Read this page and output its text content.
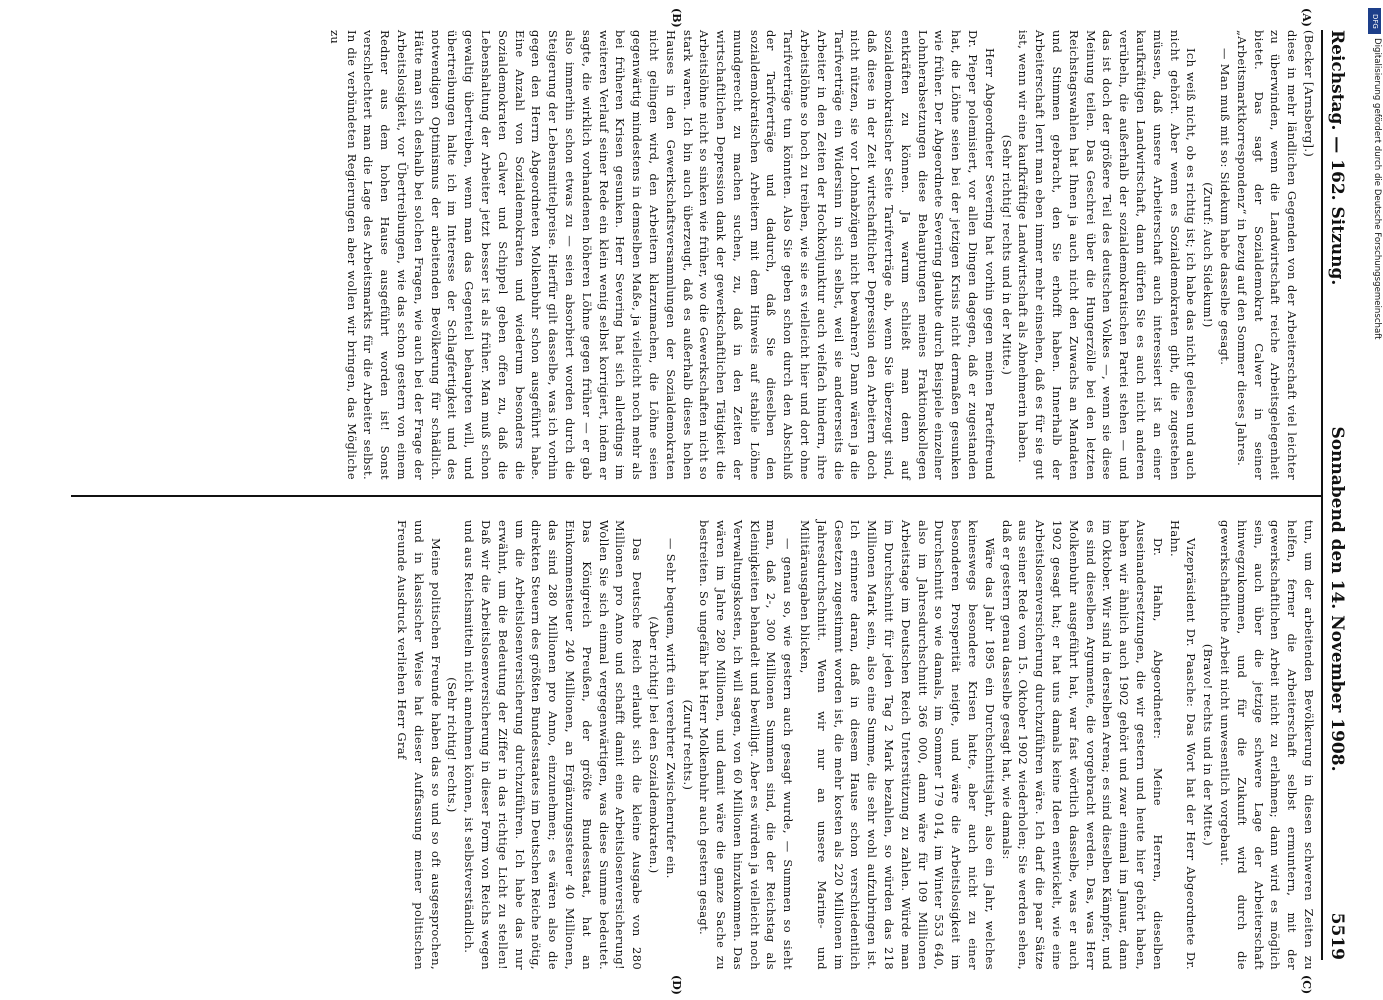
Reichstag. — 162. Sitzung.
Sonnabend den 14. November 1908.
5519
(A)
(B)
(C)
(D)

(Becker [Arnsberg].)

diese in mehr ländlichen Gegenden von der Arbeiterschaft viel leichter zu überwinden, wenn die Landwirtschaft reiche Arbeitsgelegenheit bietet. Das sagt der Sozialdemokrat Calwer in seiner „Arbeitsmarktkorrespondenz“ in bezug auf den Sommer dieses Jahres.

— Man muß mit so: Sidekum habe dasselbe gesagt.

(Zuruf: Auch Sidekum!)

Ich weiß nicht, ob es richtig ist; ich habe das nicht gelesen und auch nicht gehört. Aber wenn es Sozialdemokraten gibt, die zugestehen müssen, daß unsere Arbeiterschaft auch interessiert ist an einer kaufkräftigen Landwirtschaft, dann dürfen Sie es auch nicht anderen verübeln, die außerhalb der sozialdemokratischen Partei stehen — und das ist doch der größere Teil des deutschen Volkes —, wenn sie diese Meinung teilen. Das Geschrei über die Hungerzölle bei den letzten Reichstagswahlen hat Ihnen ja auch nicht den Zuwachs an Mandaten und Stimmen gebracht, den Sie erhofft haben. Innerhalb der Arbeiterschaft lernt man eben immer mehr einsehen, daß es für sie gut ist, wenn wir eine kaufkräftige Landwirtschaft als Abnehmerin haben.

(Sehr richtig! rechts und in der Mitte.)

Herr Abgeordneter Severing hat vorhin gegen meinen Parteifreund Dr. Pieper polemisiert, vor allen Dingen dagegen, daß er zugestanden hat, die Löhne seien bei der jetzigen Krisis nicht dermaßen gesunken wie früher. Der Abgeordnete Severing glaubte durch Beispiele einzelner Lohnherabsetzungen diese Behauptungen meines Fraktionskollegen entkräften zu können. Ja warum schließt man denn auf sozialdemokratischer Seite Tarifverträge ab, wenn Sie überzeugt sind, daß diese in der Zeit wirtschaftlicher Depression den Arbeitern doch nicht nützen, sie vor Lohnabzügen nicht bewahren? Dann wären ja die Tarifverträge ein Widersinn in sich selbst, weil sie andererseits die Arbeiter in den Zeiten der Hochkonjunktur auch vielfach hindern, ihre Arbeitslöhne so hoch zu treiben, wie sie es vielleicht hier und dort ohne Tarifverträge tun könnten. Also Sie geben schon durch den Abschluß der Tarifverträge und dadurch, daß Sie dieselben den sozialdemokratischen Arbeitern mit dem Hinweis auf stabile Löhne mundgerecht zu machen suchen, zu, daß in den Zeiten der wirtschaftlichen Depression dank der gewerkschaftlichen Tätigkeit die Arbeitslöhne nicht so sinken wie früher, wo die Gewerkschaften nicht so stark waren. Ich bin auch überzeugt, daß es außerhalb dieses hohen Hauses in den Gewerkschaftsversammlungen der Sozialdemokraten nicht gelingen wird, den Arbeitern klarzumachen, die Löhne seien gegenwärtig mindestens in demselben Maße, ja vielleicht noch mehr als bei früheren Krisen gesunken. Herr Severing hat sich allerdings im weiteren Verlauf seiner Rede ein klein wenig selbst korrigiert, indem er sagte, die wirklich vorhandenen höheren Löhne gegen früher — er gab also immerhin schon etwas zu — seien absorbiert worden durch die Steigerung der Lebensmittelpreise. Hierfür gilt dasselbe, was ich vorhin gegen den Herrn Abgeordneten Molkenbuhr schon ausgeführt habe. Eine Anzahl von Sozialdemokraten und wiederum besonders die Sozialdemokraten Calwer und Schippel geben offen zu, daß die Lebenshaltung der Arbeiter jetzt besser ist als früher. Man muß schon gewaltig übertreiben, wenn man das Gegenteil behaupten will, und übertreibungen halte ich im Interesse der Schlagfertigkeit und des notwendigen Optimismus der arbeitenden Bevölkerung für schädlich. Hätte man sich deshalb bei solchen Fragen, wie auch bei der Frage der Arbeitslosigkeit, vor Übertreibungen, wie das schon gestern von einem Redner aus dem hohen Hause ausgeführt worden ist! Sonst verschlechtert man die Lage des Arbeitsmarkts für die Arbeiter selbst. In die verbündeten Regierungen aber wollen wir bringen, das Mögliche zu

tun, um der arbeitenden Bevölkerung in diesen schweren Zeiten zu helfen, ferner die Arbeiterschaft selbst ermuntern, mit der gewerkschaftlichen Arbeit nicht zu erlahmen; dann wird es möglich sein, auch über die jetzige schwere Lage der Arbeiterschaft hinwegzukommen, und für die Zukunft wird durch die gewerkschaftliche Arbeit nicht unwesentlich vorgebaut.

(Bravo! rechts und in der Mitte.)

Vizepräsident Dr. Paasche: Das Wort hat der Herr Abgeordnete Dr. Hahn.

Dr. Hahn, Abgeordneter: Meine Herren, dieselben Auseinandersetzungen, die wir gestern und heute hier gehört haben, haben wir ähnlich auch 1902 gehört und zwar einmal im Januar, dann im Oktober. Wir sind in derselben Arena; es sind dieselben Kämpfer, und es sind dieselben Argumente, die vorgebracht werden. Das, was Herr Molkenbuhr ausgeführt hat, war fast wörtlich dasselbe, was er auch 1902 gesagt hat; er hat uns damals keine Ideen entwickelt, wie eine Arbeitslosenversicherung durchzuführen wäre. Ich darf die paar Sätze aus seiner Rede vom 15. Oktober 1902 wiederholen; Sie werden sehen, daß er gestern genau dasselbe gesagt hat, wie damals:

Wäre das Jahr 1895 ein Durchschnittsjahr, also ein Jahr, welches keineswegs besondere Krisen hatte, aber auch nicht zu einer besonderen Prosperität neigte, und wäre die Arbeitslosigkeit im Durchschnitt so wie damals, im Sommer 179 014, im Winter 553 640, also im Jahresdurchschnitt 366 000, dann wäre für 109 Millionen Arbeitstage im Deutschen Reich Unterstützung zu zahlen. Würde man im Durchschnitt für jeden Tag 2 Mark bezahlen, so würden das 218 Millionen Mark sein, also eine Summe, die sehr wohl aufzubringen ist. Ich erinnere daran, daß in diesem Hause schon verschiedentlich Gesetzen zugestimmt worden ist, die mehr kosten als 220 Millionen im Jahresdurchschnitt. Wenn wir nur an unsere Marine- und Militärausgaben blicken,

— genau so, wie gestern auch gesagt wurde, — Summen so sieht man, daß 2-, 300 Millionen Summen sind, die der Reichstag als Kleinigkeiten behandelt und bewilligt. Aber es würden ja vielleicht noch Verwaltungskosten, ich will sagen, von 60 Millionen hinzukommen. Das wären im Jahre 280 Millionen, und damit wäre die ganze Sache zu bestreiten. So ungefähr hat Herr Molkenbuhr auch gestern gesagt.

(Zuruf rechts.)

— Sehr bequem, wirft ein verehrter Zwischenrufer ein.

(Aber richtig! bei den Sozialdemokraten.)

Das Deutsche Reich erlaubt sich die kleine Ausgabe von 280 Millionen pro Anno und schafft damit eine Arbeitslosenversicherung! Wollen Sie sich einmal vergegenwärtigen, was diese Summe bedeutet. Das Königreich Preußen, der größte Bundesstaat, hat an Einkommensteuer 240 Millionen, an Ergänzungssteuer 40 Millionen, das sind 280 Millionen pro Anno, einzunehmen; es wären also die direkten Steuern des größten Bundesstaates im Deutschen Reiche nötig, um die Arbeitslosenversicherung durchzuführen. Ich habe das nur erwähnt, um die Bedeutung der Ziffer in das richtige Licht zu stellen! Daß wir die Arbeitslosenversicherung in dieser Form von Reichs wegen und aus Reichsmitteln nicht annehmen können, ist selbstverständlich.

(Sehr richtig! rechts.)

Meine politischen Freunde haben das so und so oft ausgesprochen, und in klassischer Weise hat dieser Auffassung meiner politischen Freunde Ausdruck verliehen Herr Graf

DFG
Digitalisierung gefördert durch die Deutsche Forschungsgemeinschaft
